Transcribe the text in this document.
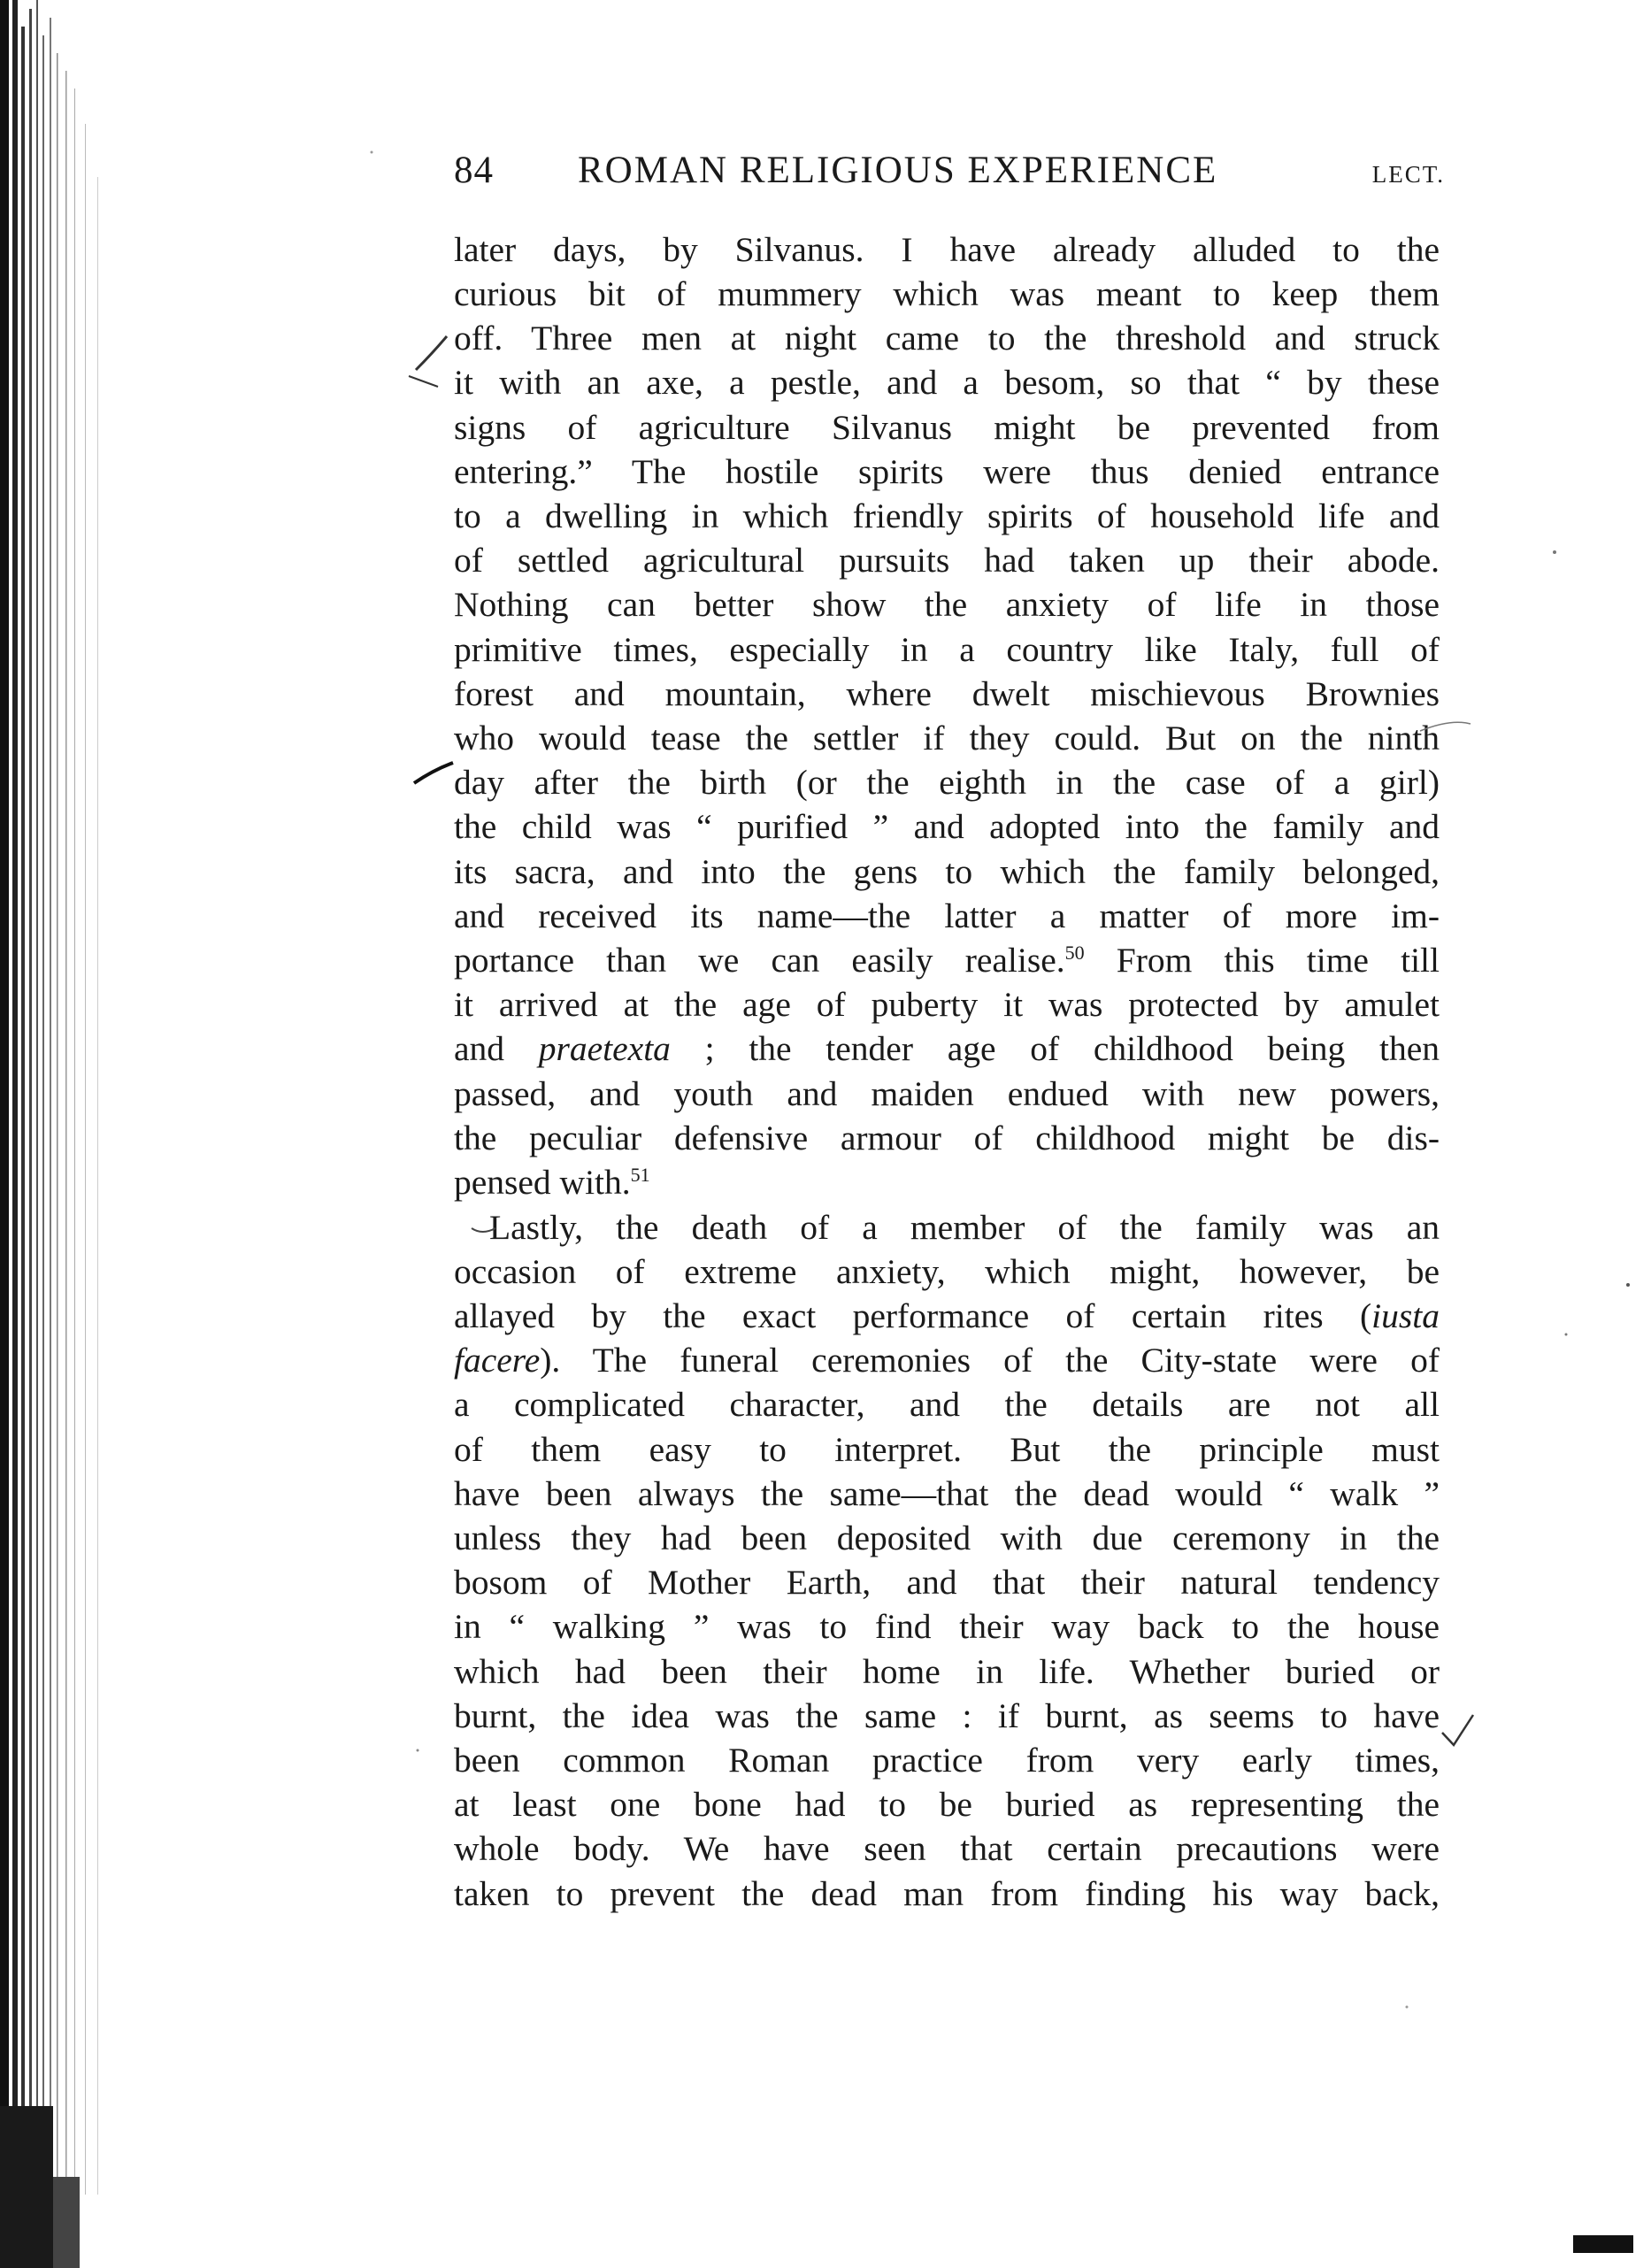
84 ROMAN RELIGIOUS EXPERIENCE	LECT.
later days, by Silvanus. I have already alluded to the
curious bit of mummery which was meant to keep them
off. Three men at night came to the threshold and struck
it with an axe, a pestle, and a besom, so that “ by these
signs of agriculture Silvanus might be prevented from
entering.” The hostile spirits were thus denied entrance
to a dwelling in which friendly spirits of household life and
of settled agricultural pursuits had taken up their abode.
Nothing can better show the anxiety of life in those
primitive times, especially in a country like Italy, full of
forest and mountain, where dwelt mischievous Brownies
who would tease the settler if they could. But on the ninth
day after the birth (or the eighth in the case of a girl)
the child was “ purified ” and adopted into the family and
its sacra, and into the gens to which the family belonged,
and received its name—the latter a matter of more im-
portance than we can easily realise.$^{50}$ From this time till
it arrived at the age of puberty it was protected by amulet
and praetexta ; the tender age of childhood being then
passed, and youth and maiden endued with new powers,
the peculiar defensive armour of childhood might be dis-
pensed with.$^{51}$
Lastly, the death of a member of the family was an
occasion of extreme anxiety, which might, however, be
allayed by the exact performance of certain rites (iusta
facere). The funeral ceremonies of the City-state were of
a complicated character, and the details are not all
of them easy to interpret. But the principle must
have been always the same—that the dead would “ walk ”
unless they had been deposited with due ceremony in the
bosom of Mother Earth, and that their natural tendency
in “ walking ” was to find their way back to the house
which had been their home in life. Whether buried or
burnt, the idea was the same : if burnt, as seems to have
been common Roman practice from very early times,
at least one bone had to be buried as representing the
whole body. We have seen that certain precautions were
taken to prevent the dead man from finding his way back,
